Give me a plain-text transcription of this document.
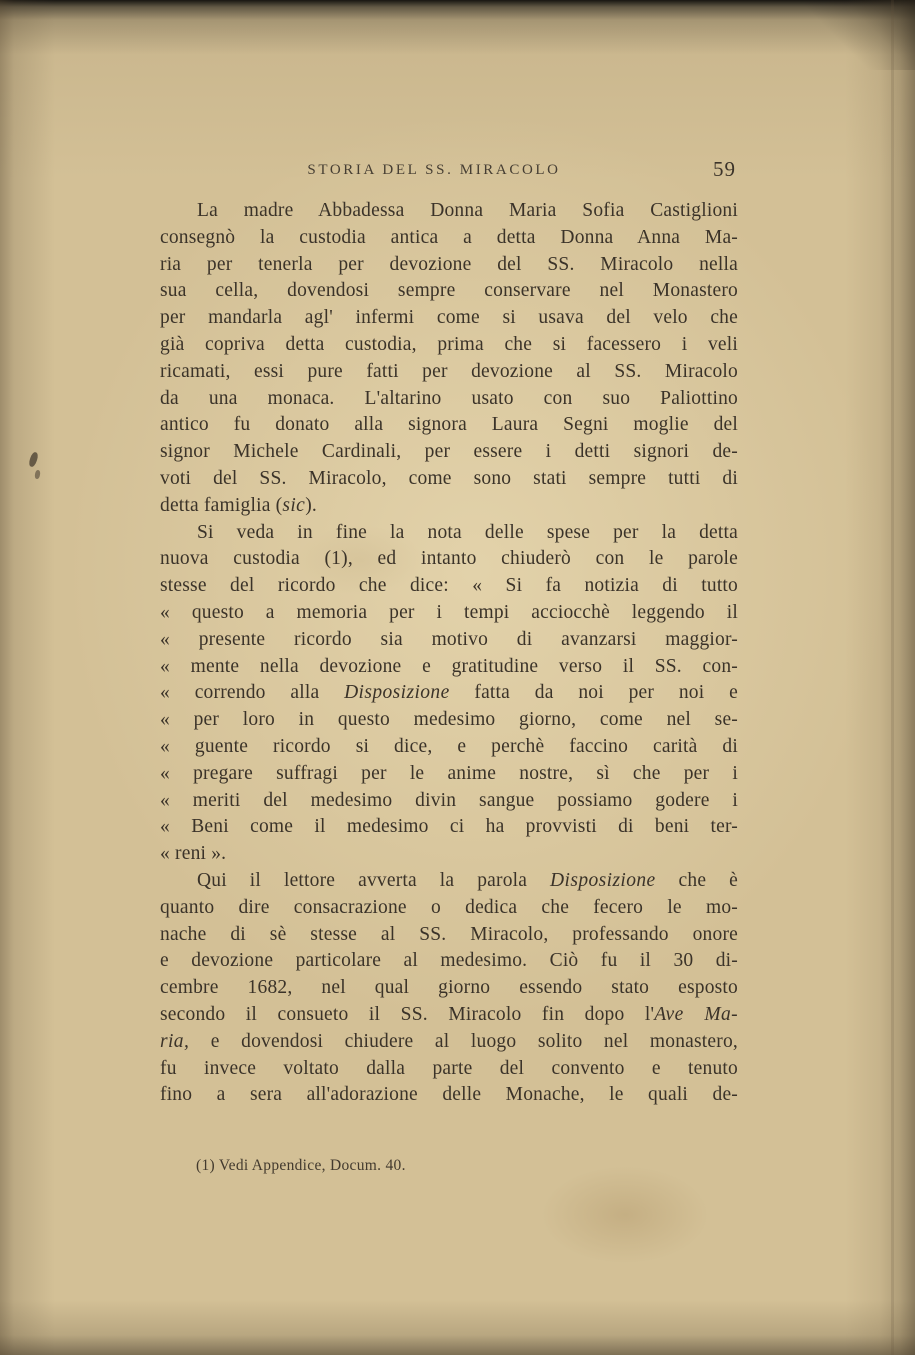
STORIA DEL SS. MIRACOLO	59
La madre Abbadessa Donna Maria Sofia Castiglioni
consegnò la custodia antica a detta Donna Anna Ma-
ria per tenerla per devozione del SS. Miracolo nella
sua cella, dovendosi sempre conservare nel Monastero
per mandarla agl' infermi come si usava del velo che
già copriva detta custodia, prima che si facessero i veli
ricamati, essi pure fatti per devozione al SS. Miracolo
da una monaca. L'altarino usato con suo Paliottino
antico fu donato alla signora Laura Segni moglie del
signor Michele Cardinali, per essere i detti signori de-
voti del SS. Miracolo, come sono stati sempre tutti di
detta famiglia (sic).
Si veda in fine la nota delle spese per la detta
nuova custodia (1), ed intanto chiuderò con le parole
stesse del ricordo che dice: « Si fa notizia di tutto
« questo a memoria per i tempi acciocchè leggendo il
« presente ricordo sia motivo di avanzarsi maggior-
« mente nella devozione e gratitudine verso il SS. con-
« correndo alla Disposizione fatta da noi per noi e
« per loro in questo medesimo giorno, come nel se-
« guente ricordo si dice, e perchè faccino carità di
« pregare suffragi per le anime nostre, sì che per i
« meriti del medesimo divin sangue possiamo godere i
« Beni come il medesimo ci ha provvisti di beni ter-
« reni ».
Qui il lettore avverta la parola Disposizione che è
quanto dire consacrazione o dedica che fecero le mo-
nache di sè stesse al SS. Miracolo, professando onore
e devozione particolare al medesimo. Ciò fu il 30 di-
cembre 1682, nel qual giorno essendo stato esposto
secondo il consueto il SS. Miracolo fin dopo l'Ave Ma-
ria, e dovendosi chiudere al luogo solito nel monastero,
fu invece voltato dalla parte del convento e tenuto
fino a sera all'adorazione delle Monache, le quali de-
(1) Vedi Appendice, Docum. 40.
